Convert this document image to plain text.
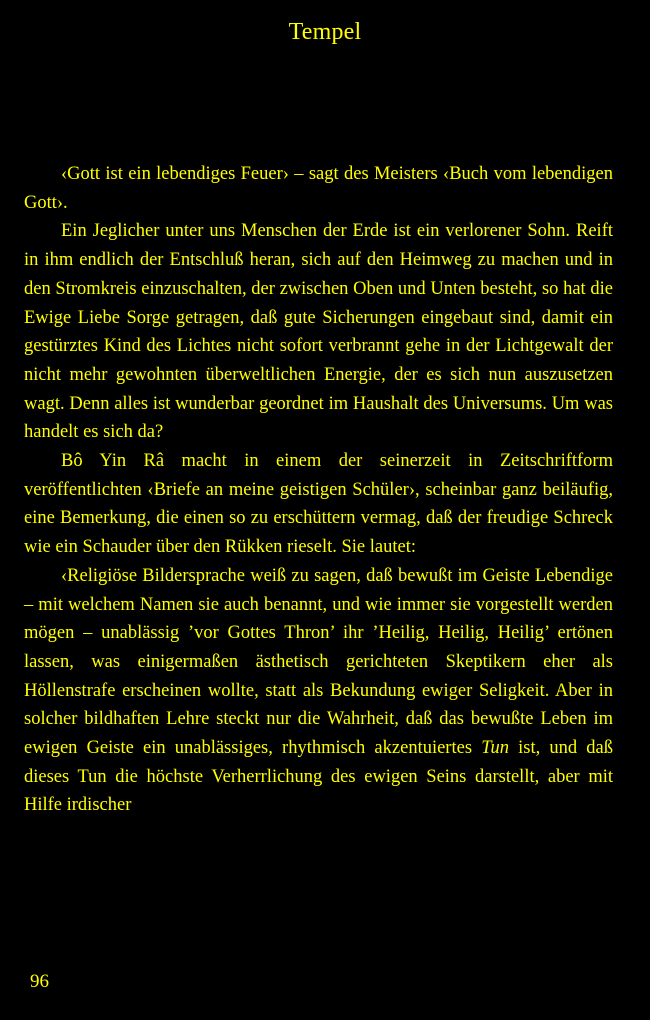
Tempel

‹Gott ist ein lebendiges Feuer› – sagt des Meisters ‹Buch vom lebendigen Gott›.

Ein Jeglicher unter uns Menschen der Erde ist ein verlorener Sohn. Reift in ihm endlich der Entschluß heran, sich auf den Heimweg zu machen und in den Stromkreis einzuschalten, der zwischen Oben und Unten besteht, so hat die Ewige Liebe Sorge getragen, daß gute Sicherungen eingebaut sind, damit ein gestürztes Kind des Lichtes nicht sofort verbrannt gehe in der Lichtgewalt der nicht mehr gewohnten überweltlichen Energie, der es sich nun auszusetzen wagt. Denn alles ist wunderbar geordnet im Haushalt des Universums. Um was handelt es sich da?

Bô Yin Râ macht in einem der seinerzeit in Zeitschriftform veröffentlichten ‹Briefe an meine geistigen Schüler›, scheinbar ganz beiläufig, eine Bemerkung, die einen so zu erschüttern vermag, daß der freudige Schreck wie ein Schauder über den Rükken rieselt. Sie lautet:

‹Religiöse Bildersprache weiß zu sagen, daß bewußt im Geiste Lebendige – mit welchem Namen sie auch benannt, und wie immer sie vorgestellt werden mögen – unablässig ’vor Gottes Thron’ ihr ’Heilig, Heilig, Heilig’ ertönen lassen, was einigermaßen ästhetisch gerichteten Skeptikern eher als Höllenstrafe erscheinen wollte, statt als Bekundung ewiger Seligkeit. Aber in solcher bildhaften Lehre steckt nur die Wahrheit, daß das bewußte Leben im ewigen Geiste ein unablässiges, rhythmisch akzentuiertes Tun ist, und daß dieses Tun die höchste Verherrlichung des ewigen Seins darstellt, aber mit Hilfe irdischer

96
